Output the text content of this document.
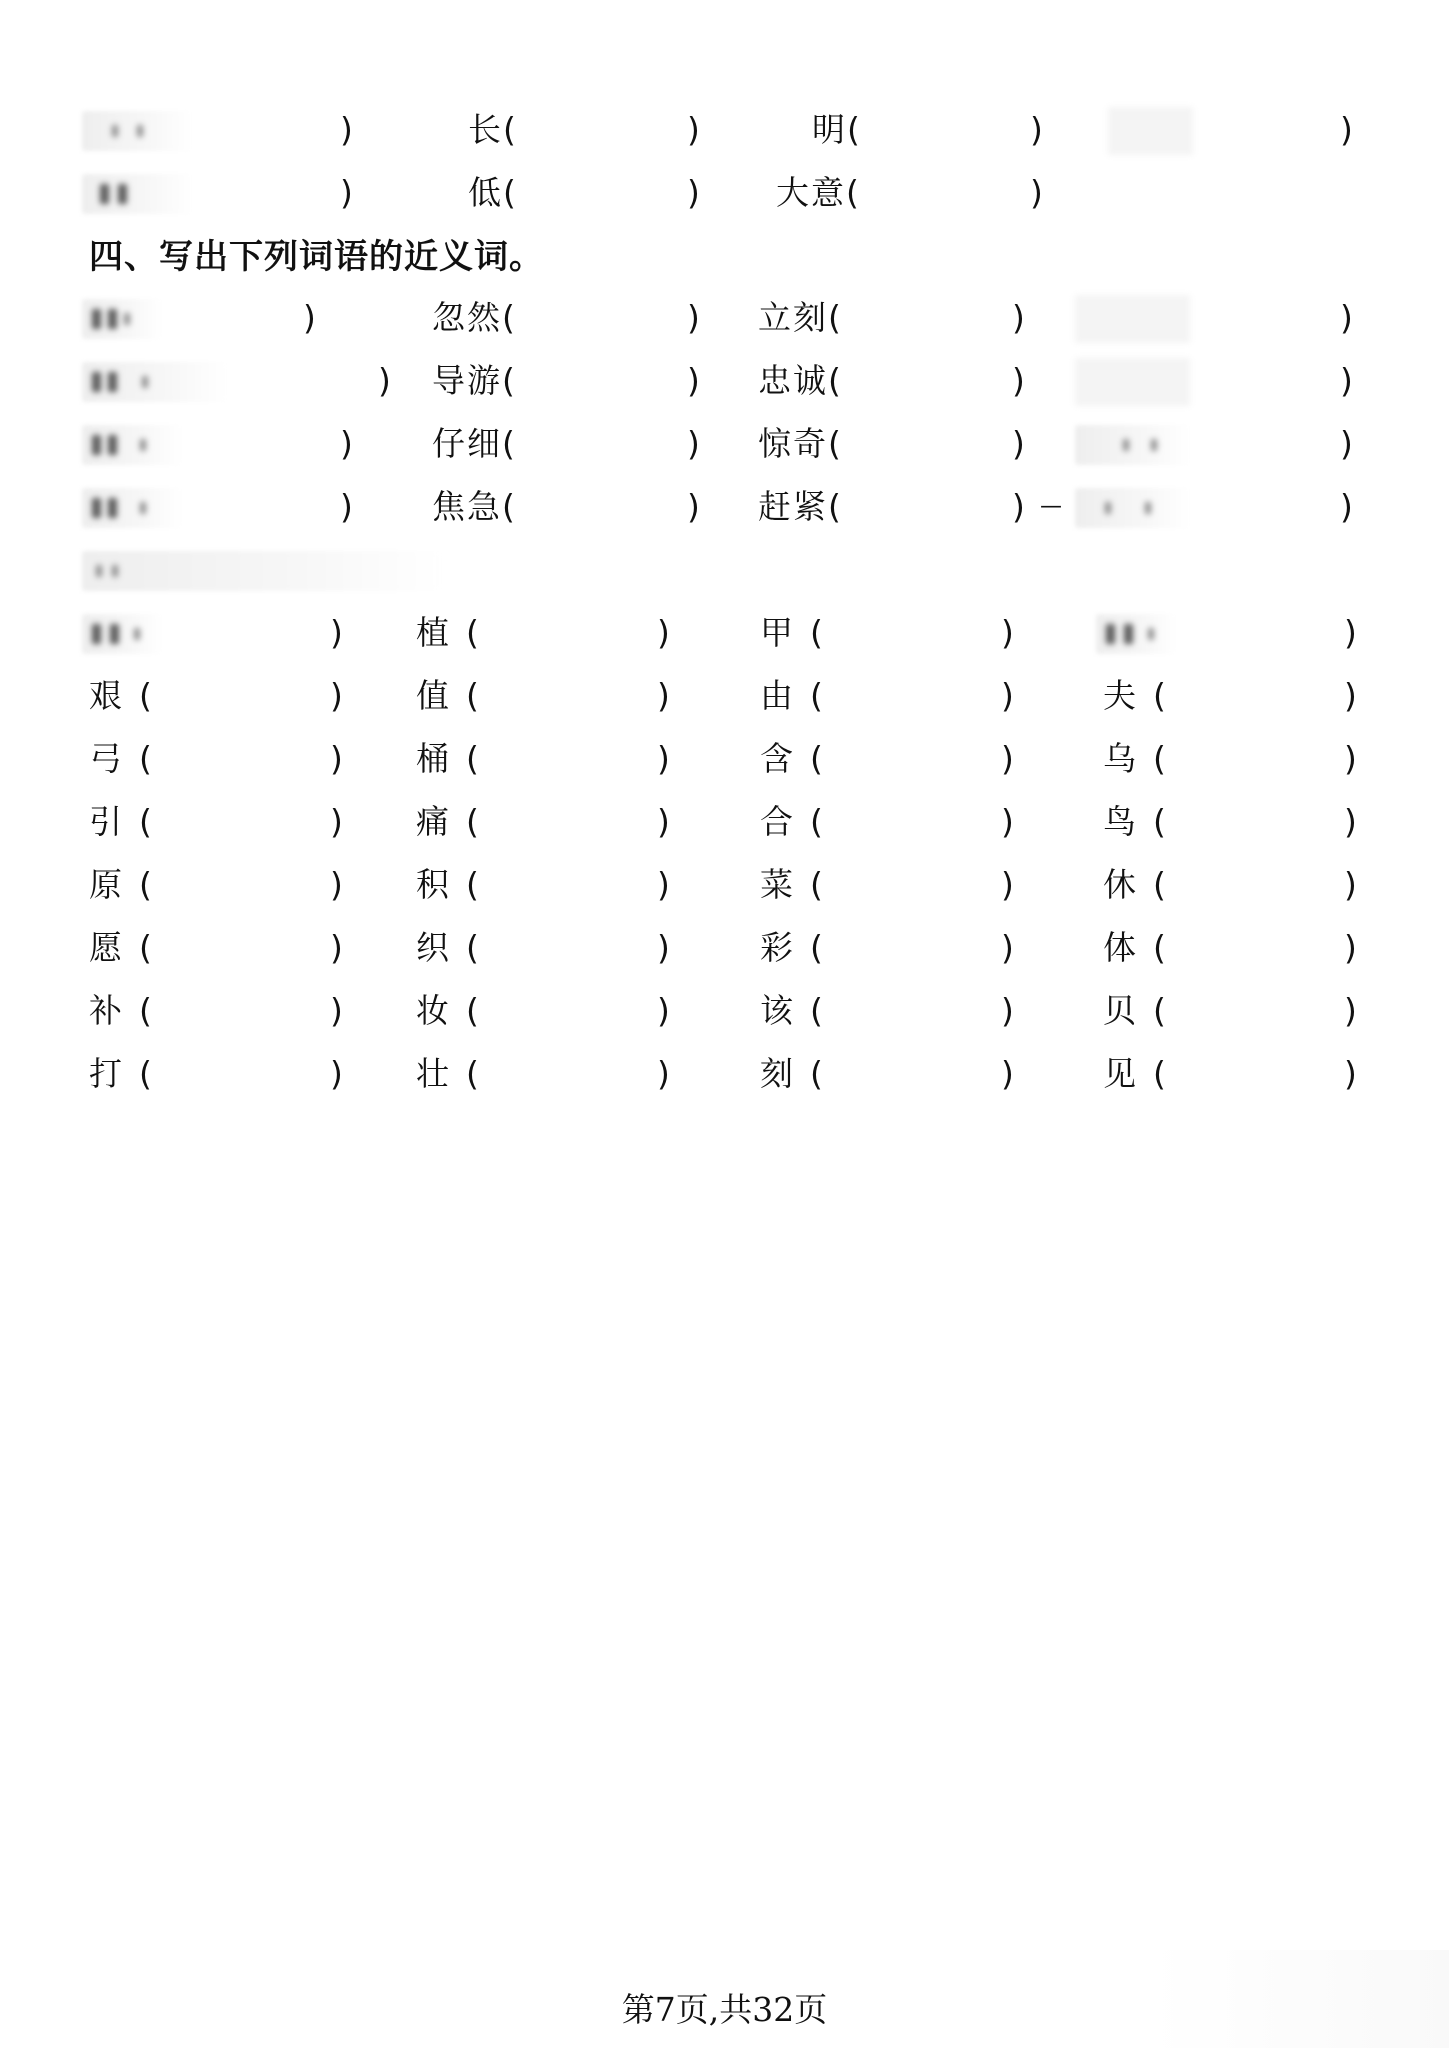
)	长(	)	明(	)	)
)	低(	) 大意(	)
四、写出下列词语的近义词。
)	忽然(	) 立刻(	)	)
) 导游(	) 忠诚(	)	)
) 仔细(	) 惊奇(	)	)
) 焦急(	) 赶紧(	) —	)
) 植 (	)	甲 (	)	)
艰 (	) 值 (	)	由 (	)	夫 (	)
弓 (	) 桶 (	)	含 (	)	乌 (	)
引 (	) 痛 (	)	合 (	)	鸟 (	)
原 (	) 积 (	)	菜 (	)	休 (	)
愿 (	) 织 (	)	彩 (	)	体 (	)
补 (	) 妆 (	)	该 (	)	贝 (	)
打 (	) 壮 (	)	刻 (	)	见 (	)
第7页,共32页
